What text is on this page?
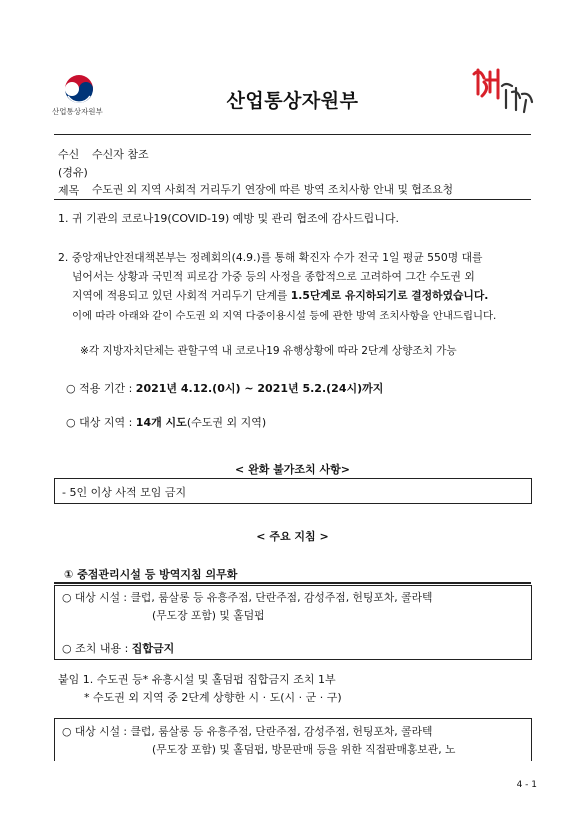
산업통상자원부	산업통상자원부
수신 수신자 참조
(경유)
제목 수도권 외 지역 사회적 거리두기 연장에 따른 방역 조치사항 안내 및 협조요청
1. 귀 기관의 코로나19(COVID-19) 예방 및 관리 협조에 감사드립니다.
2. 중앙재난안전대책본부는 정례회의(4.9.)를 통해 확진자 수가 전국 1일 평균 550명 대를
넘어서는 상황과 국민적 피로감 가중 등의 사정을 종합적으로 고려하여 그간 수도권 외
지역에 적용되고 있던 사회적 거리두기 단계를 1.5단계로 유지하되기로 결정하였습니다.
이에 따라 아래와 같이 수도권 외 지역 다중이용시설 등에 관한 방역 조치사항을 안내드립니다.
※각 지방자치단체는 관할구역 내 코로나19 유행상황에 따라 2단계 상향조치 가능
○ 적용 기간 : 2021년 4.12.(0시) ~ 2021년 5.2.(24시)까지
○ 대상 지역 : 14개 시도(수도권 외 지역)
< 완화 불가조치 사항>
- 5인 이상 사적 모임 금지
< 주요 지침 >
① 중점관리시설 등 방역지침 의무화
○ 대상 시설 : 클럽, 룸살롱 등 유흥주점, 단란주점, 감성주점, 헌팅포차, 콜라텍
(무도장 포함) 및 홀덤펍
○ 조치 내용 : 집합금지
붙임 1. 수도권 등* 유흥시설 및 홀덤펍 집합금지 조치 1부
* 수도권 외 지역 중 2단계 상향한 시 · 도(시 · 군 · 구)
○ 대상 시설 : 클럽, 룸살롱 등 유흥주점, 단란주점, 감성주점, 헌팅포차, 콜라텍
(무도장 포함) 및 홀덤펍, 방문판매 등을 위한 직접판매홍보관, 노
4 - 1
